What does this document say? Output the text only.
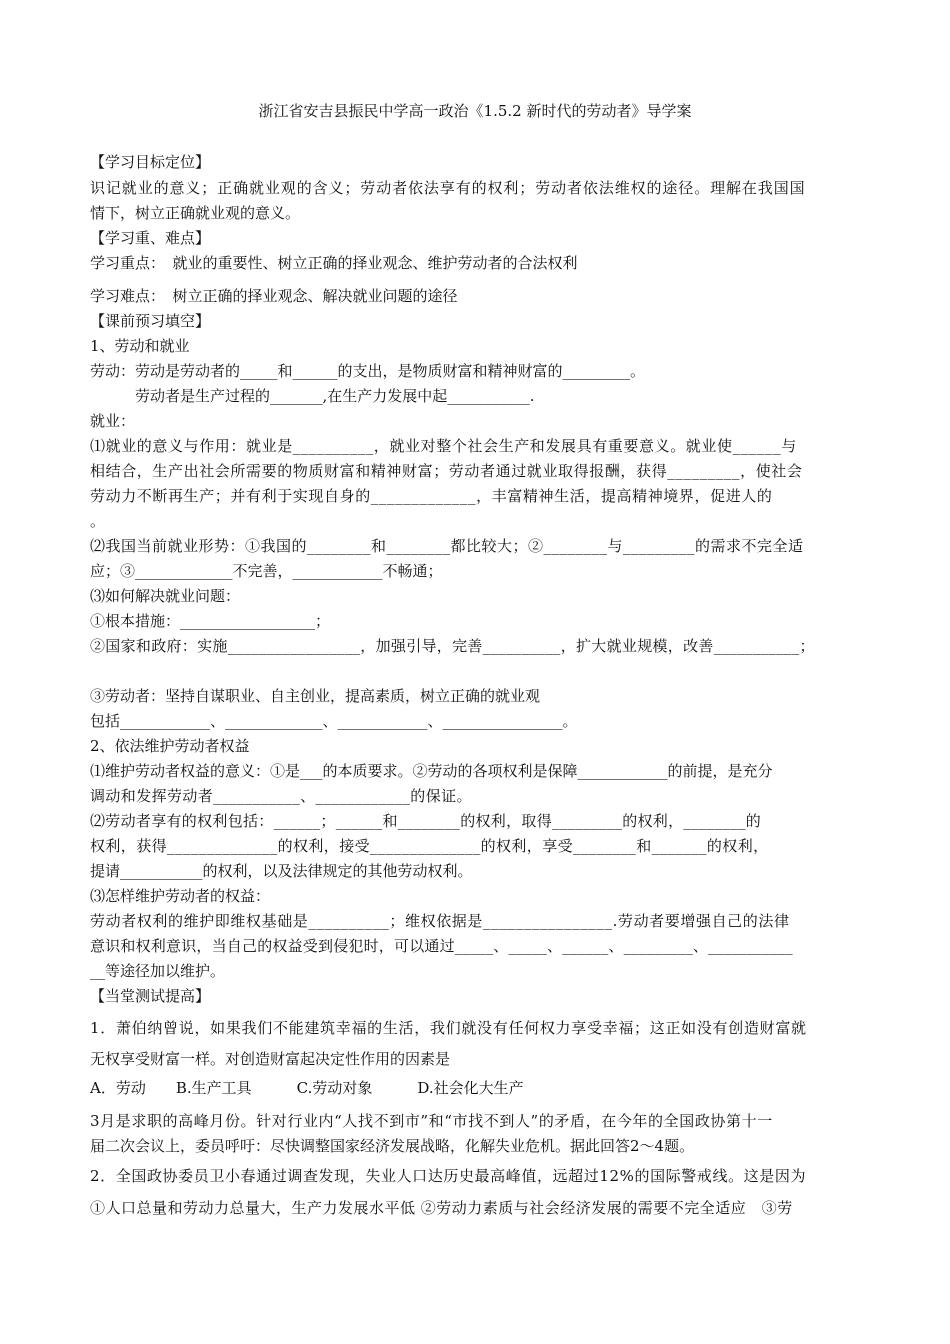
浙江省安吉县振民中学高一政治《1.5.2 新时代的劳动者》导学案
【学习目标定位】
识记就业的意义；正确就业观的含义；劳动者依法享有的权利；劳动者依法维权的途径。理解在我国国
情下，树立正确就业观的意义。
【学习重、难点】
学习重点：　就业的重要性、树立正确的择业观念、维护劳动者的合法权利
学习难点：　树立正确的择业观念、解决就业问题的途径
【课前预习填空】
1、劳动和就业
劳动：劳动是劳动者的_____和______的支出，是物质财富和精神财富的_________。
　　　劳动者是生产过程的_______,在生产力发展中起___________.
就业：
⑴就业的意义与作用：就业是__________，就业对整个社会生产和发展具有重要意义。就业使______与
相结合，生产出社会所需要的物质财富和精神财富；劳动者通过就业取得报酬，获得_________，使社会
劳动力不断再生产；并有利于实现自身的_____________，丰富精神生活，提高精神境界，促进人的
。
⑵我国当前就业形势：①我国的________和________都比较大；②________与_________的需求不完全适
应；③_____________不完善，____________不畅通；
⑶如何解决就业问题：
①根本措施：__________________；
②国家和政府：实施_________________，加强引导，完善__________，扩大就业规模，改善___________；
③劳动者：坚持自谋职业、自主创业，提高素质，树立正确的就业观
包括____________、_____________、____________、________________。
2、依法维护劳动者权益
⑴维护劳动者权益的意义：①是___的本质要求。②劳动的各项权利是保障____________的前提，是充分
调动和发挥劳动者___________、____________的保证。
⑵劳动者享有的权利包括：______；______和________的权利，取得_________的权利，________的
权利，获得______________的权利，接受______________的权利，享受________和_______的权利，
提请___________的权利，以及法律规定的其他劳动权利。
⑶怎样维护劳动者的权益：
劳动者权利的维护即维权基础是__________；维权依据是________________.劳动者要增强自己的法律
意识和权利意识，当自己的权益受到侵犯时，可以通过_____、_____、______、_________、___________
__等途径加以维护。
【当堂测试提高】
1．萧伯纳曾说，如果我们不能建筑幸福的生活，我们就没有任何权力享受幸福；这正如没有创造财富就
无权享受财富一样。对创造财富起决定性作用的因素是
A．劳动　　B.生产工具　　　C.劳动对象　　　D.社会化大生产
3月是求职的高峰月份。针对行业内“人找不到市”和“市找不到人”的矛盾，在今年的全国政协第十一
届二次会议上，委员呼吁：尽快调整国家经济发展战略，化解失业危机。据此回答2～4题。
2．全国政协委员卫小春通过调查发现，失业人口达历史最高峰值，远超过12%的国际警戒线。这是因为
①人口总量和劳动力总量大，生产力发展水平低 ②劳动力素质与社会经济发展的需要不完全适应　③劳
